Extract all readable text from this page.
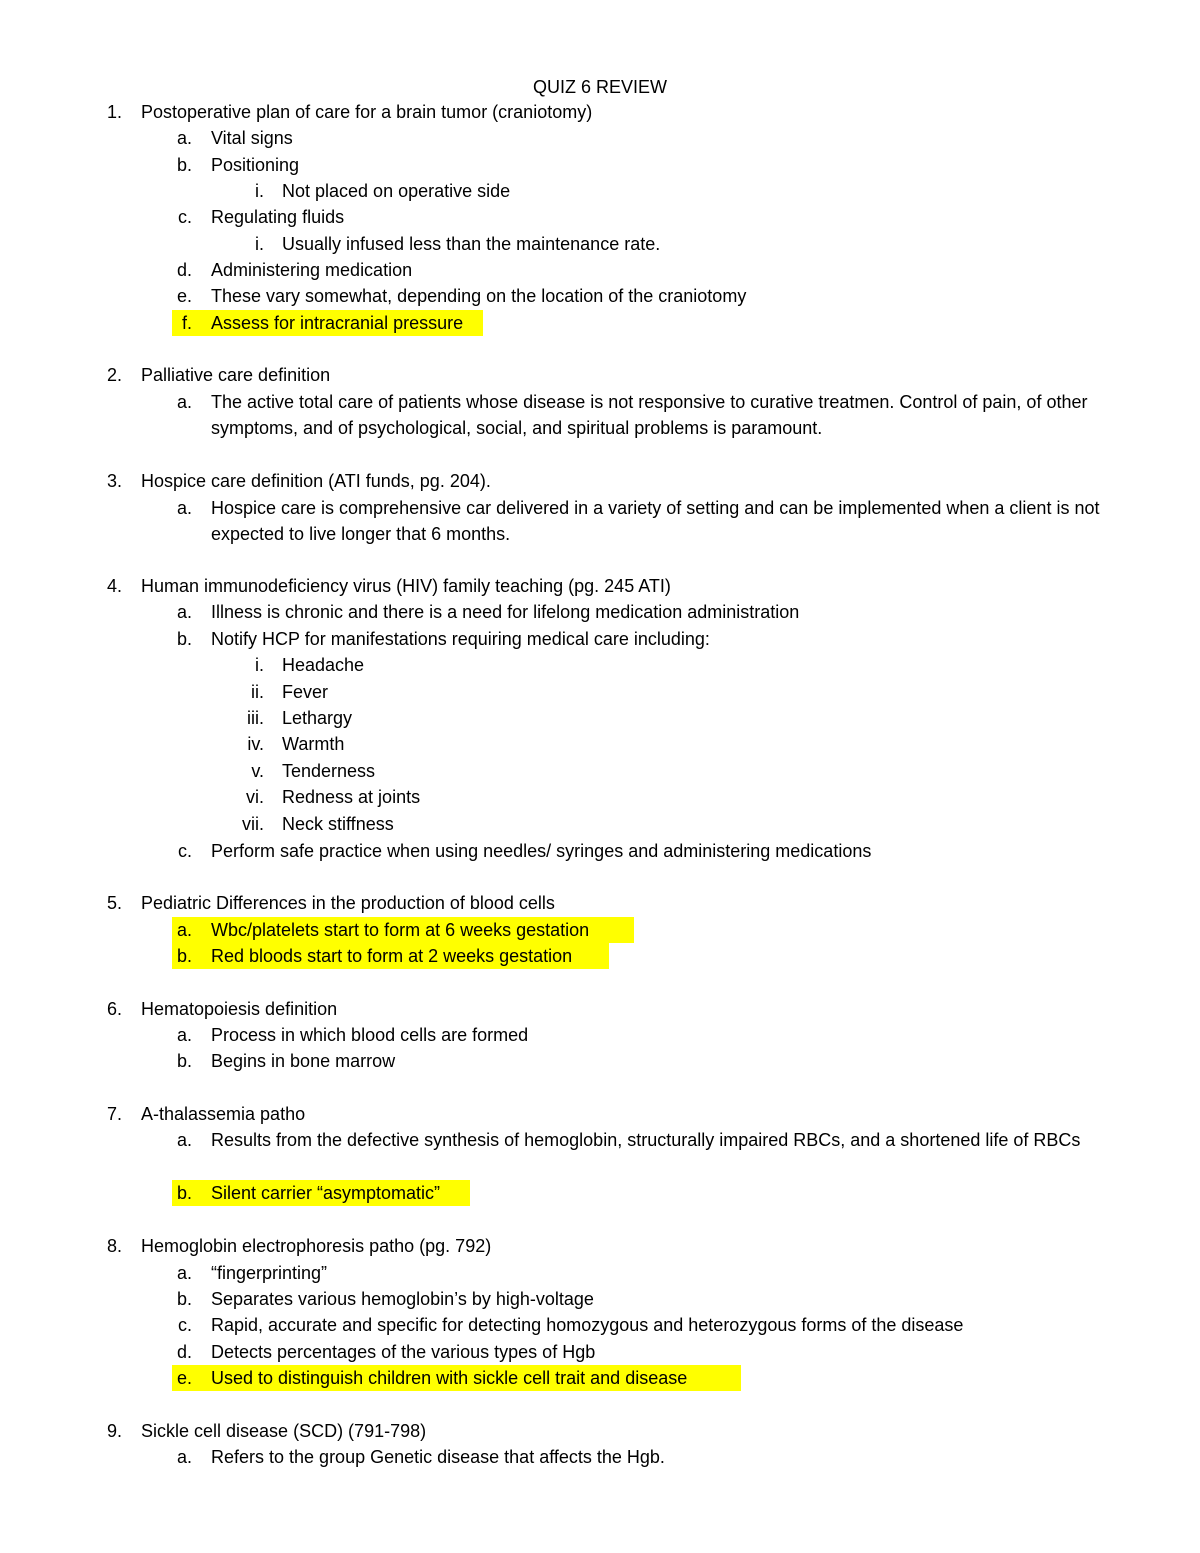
QUIZ 6 REVIEW
1. Postoperative plan of care for a brain tumor (craniotomy)
a. Vital signs
b. Positioning
i. Not placed on operative side
c. Regulating fluids
i. Usually infused less than the maintenance rate.
d. Administering medication
e. These vary somewhat, depending on the location of the craniotomy
f. Assess for intracranial pressure
2. Palliative care definition
a. The active total care of patients whose disease is not responsive to curative treatmen. Control of pain, of other symptoms, and of psychological, social, and spiritual problems is paramount.
3. Hospice care definition (ATI funds, pg. 204).
a. Hospice care is comprehensive car delivered in a variety of setting and can be implemented when a client is not expected to live longer that 6 months.
4. Human immunodeficiency virus (HIV) family teaching (pg. 245 ATI)
a. Illness is chronic and there is a need for lifelong medication administration
b. Notify HCP for manifestations requiring medical care including:
i. Headache
ii. Fever
iii. Lethargy
iv. Warmth
v. Tenderness
vi. Redness at joints
vii. Neck stiffness
c. Perform safe practice when using needles/ syringes and administering medications
5. Pediatric Differences in the production of blood cells
a. Wbc/platelets start to form at 6 weeks gestation
b. Red bloods start to form at 2 weeks gestation
6. Hematopoiesis definition
a. Process in which blood cells are formed
b. Begins in bone marrow
7. A-thalassemia patho
a. Results from the defective synthesis of hemoglobin, structurally impaired RBCs, and a shortened life of RBCs
b. Silent carrier “asymptomatic”
8. Hemoglobin electrophoresis patho (pg. 792)
a. “fingerprinting”
b. Separates various hemoglobin’s by high-voltage
c. Rapid, accurate and specific for detecting homozygous and heterozygous forms of the disease
d. Detects percentages of the various types of Hgb
e. Used to distinguish children with sickle cell trait and disease
9. Sickle cell disease (SCD) (791-798)
a. Refers to the group Genetic disease that affects the Hgb.
